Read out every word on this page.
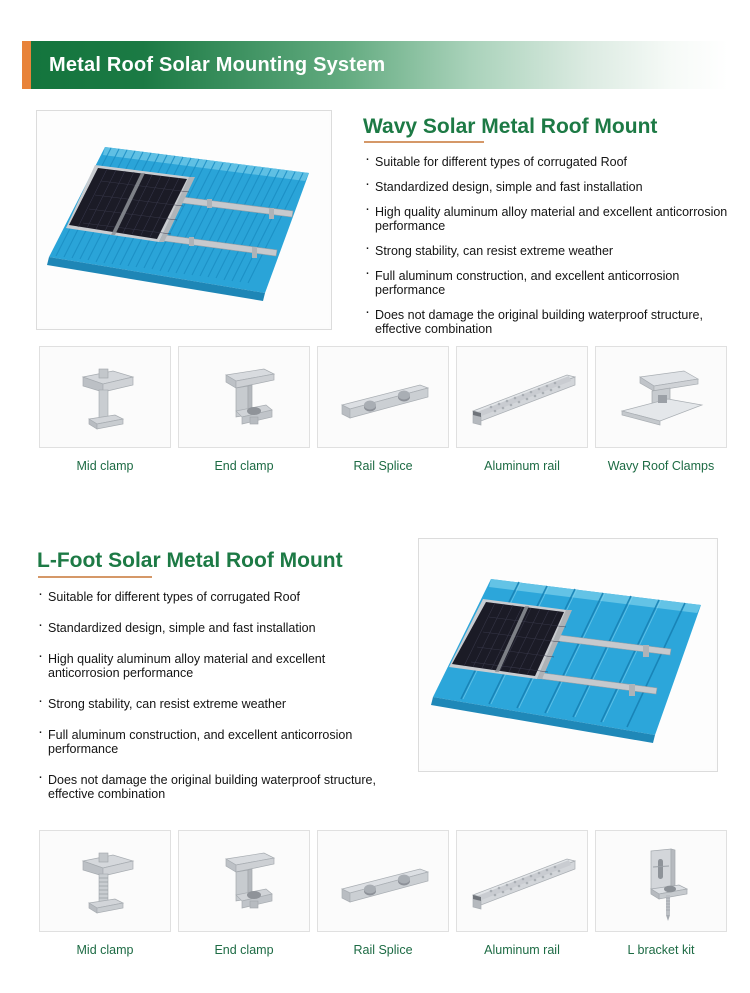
Metal Roof Solar Mounting System
Wavy Solar Metal Roof Mount
· Suitable for different types of corrugated Roof
· Standardized design, simple and fast installation
· High quality aluminum alloy material and excellent anticorrosion performance
· Strong stability, can resist extreme weather
· Full aluminum construction, and excellent anticorrosion performance
· Does not damage the original building waterproof structure, effective combination
Mid clamp	End clamp	Rail Splice	Aluminum rail	Wavy Roof Clamps
L-Foot Solar Metal Roof Mount
· Suitable for different types of corrugated Roof
· Standardized design, simple and fast installation
· High quality aluminum alloy material and excellent anticorrosion performance
· Strong stability, can resist extreme weather
· Full aluminum construction, and excellent anticorrosion performance
· Does not damage the original building waterproof structure, effective combination
Mid clamp	End clamp	Rail Splice	Aluminum rail	L bracket kit
